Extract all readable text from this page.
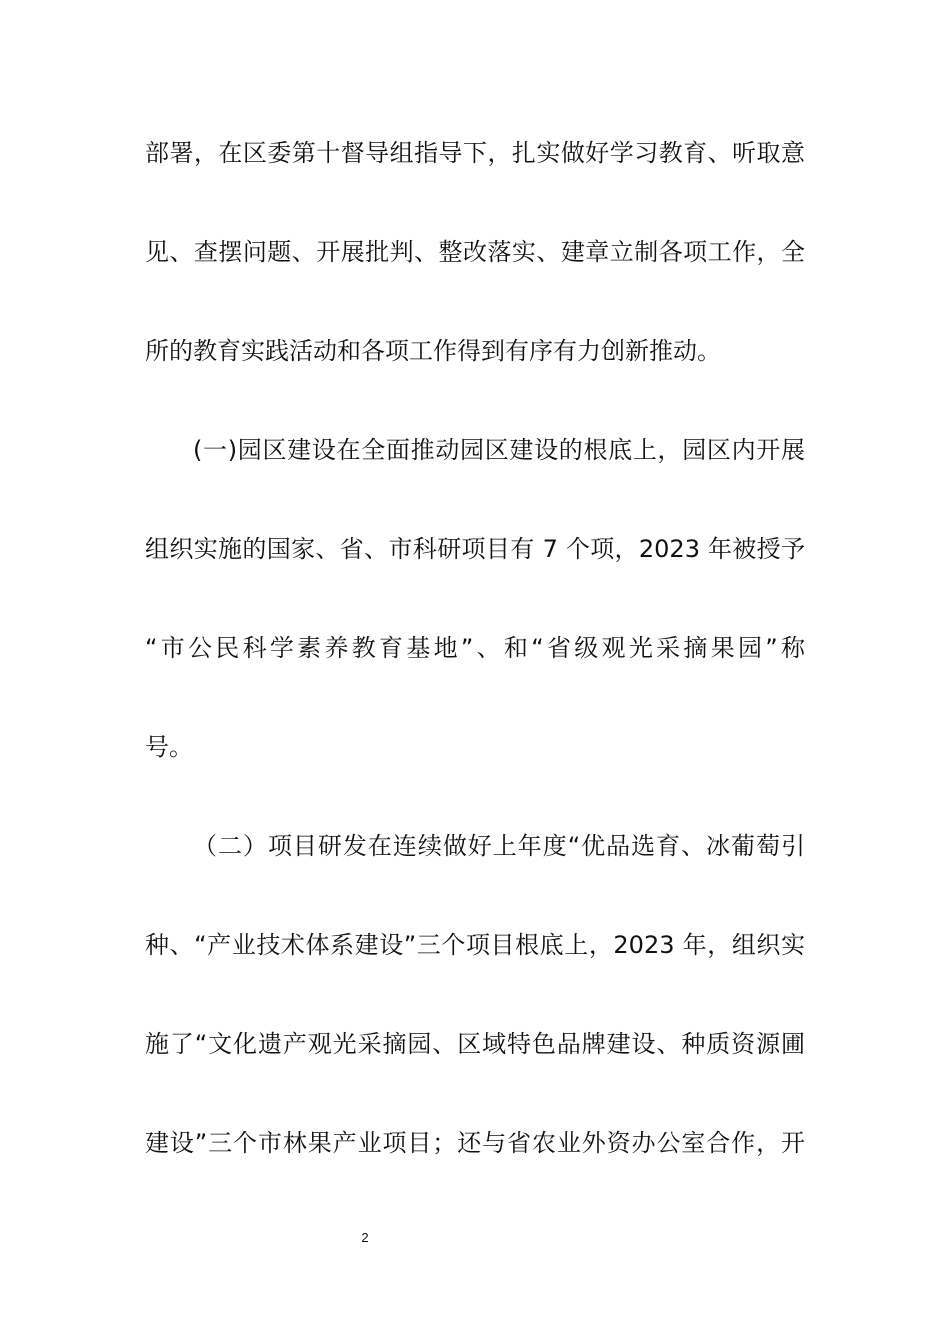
部署，在区委第十督导组指导下，扎实做好学习教育、听取意
见、查摆问题、开展批判、整改落实、建章立制各项工作，全
所的教育实践活动和各项工作得到有序有力创新推动。
(一)园区建设在全面推动园区建设的根底上，园区内开展
组织实施的国家、省、市科研项目有 7 个项，2023 年被授予
“市公民科学素养教育基地”、和“省级观光采摘果园”称
号。
（二）项目研发在连续做好上年度“优品选育、冰葡萄引
种、“产业技术体系建设”三个项目根底上，2023 年，组织实
施了“文化遗产观光采摘园、区域特色品牌建设、种质资源圃
建设”三个市林果产业项目；还与省农业外资办公室合作，开
2
